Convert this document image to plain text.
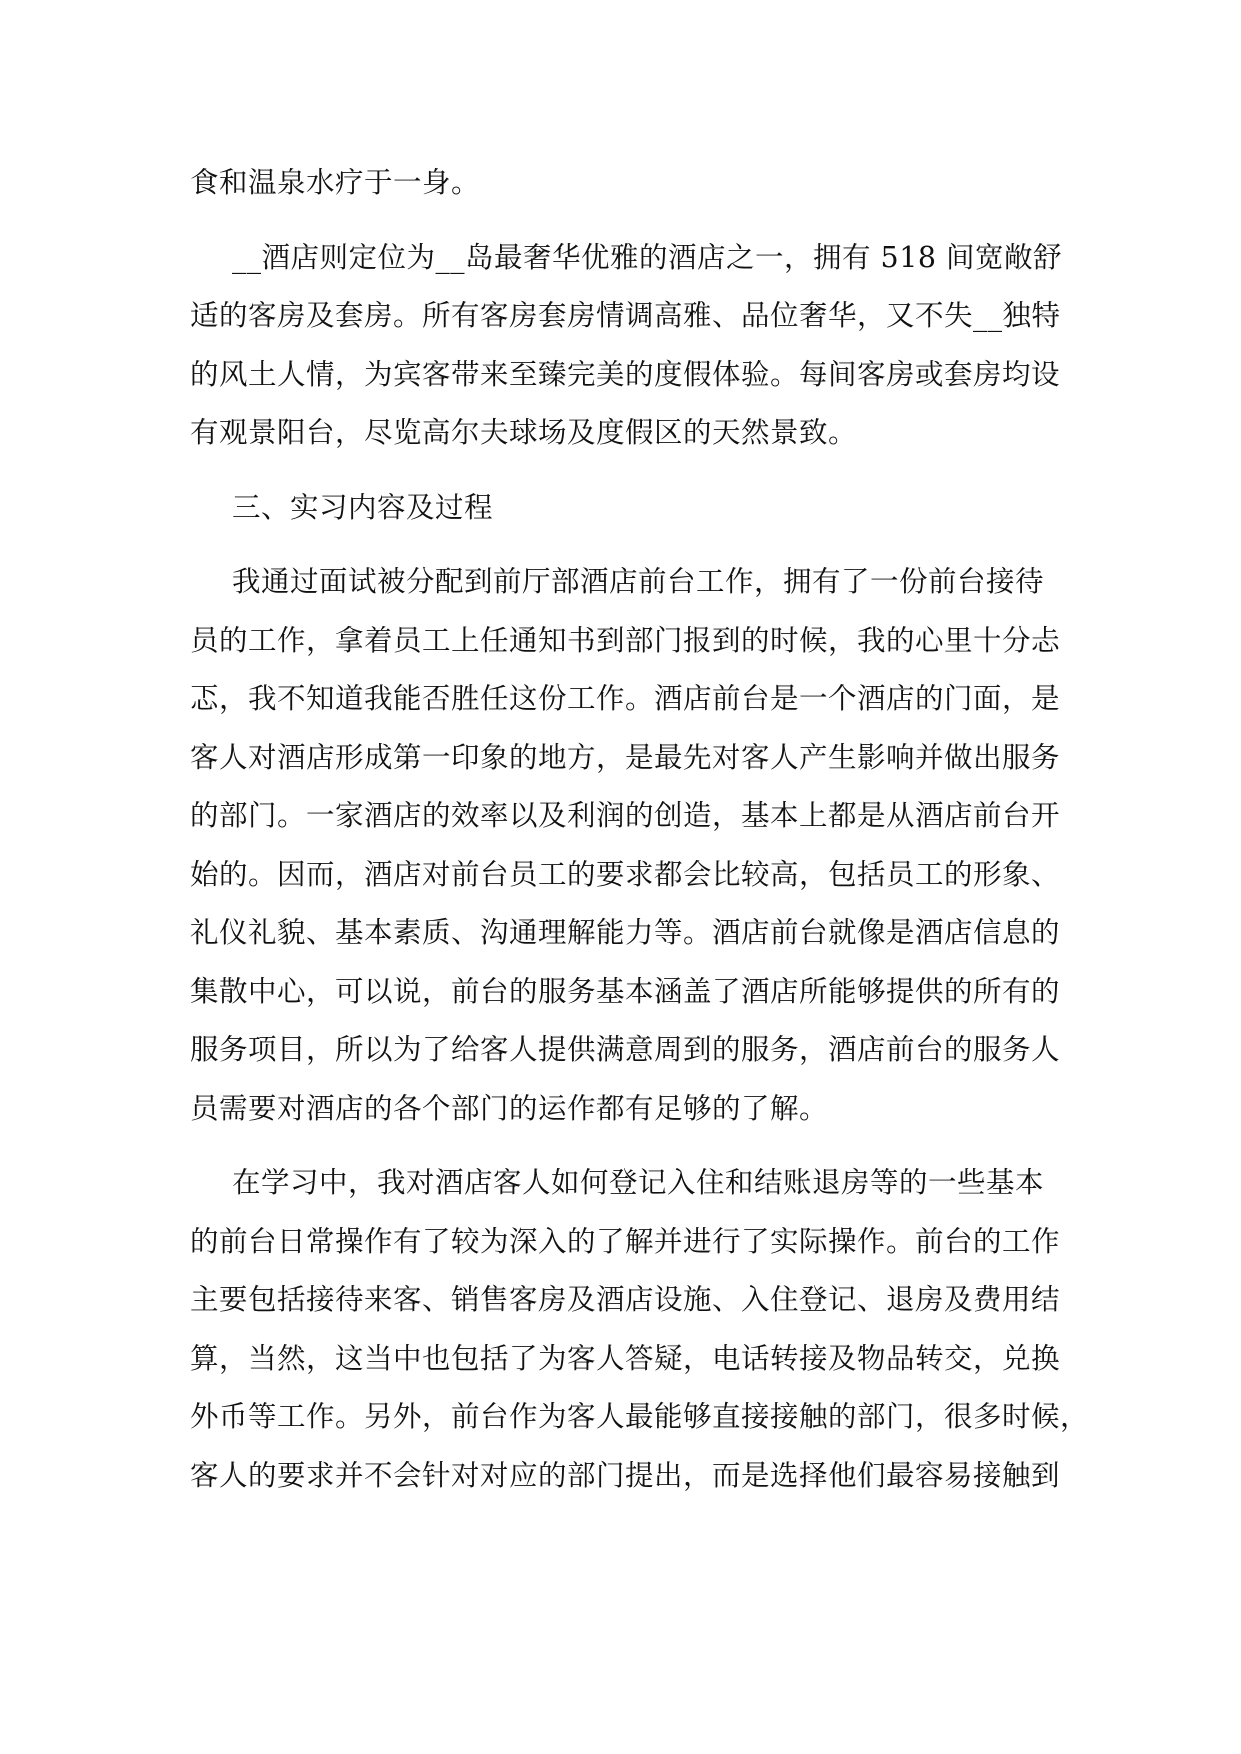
食和温泉水疗于一身。

__酒店则定位为__岛最奢华优雅的酒店之一，拥有 518 间宽敞舒
适的客房及套房。所有客房套房情调高雅、品位奢华，又不失__独特
的风土人情，为宾客带来至臻完美的度假体验。每间客房或套房均设
有观景阳台，尽览高尔夫球场及度假区的天然景致。

三、实习内容及过程

我通过面试被分配到前厅部酒店前台工作，拥有了一份前台接待
员的工作，拿着员工上任通知书到部门报到的时候，我的心里十分忐
忑，我不知道我能否胜任这份工作。酒店前台是一个酒店的门面，是
客人对酒店形成第一印象的地方，是最先对客人产生影响并做出服务
的部门。一家酒店的效率以及利润的创造，基本上都是从酒店前台开
始的。因而，酒店对前台员工的要求都会比较高，包括员工的形象、
礼仪礼貌、基本素质、沟通理解能力等。酒店前台就像是酒店信息的
集散中心，可以说，前台的服务基本涵盖了酒店所能够提供的所有的
服务项目，所以为了给客人提供满意周到的服务，酒店前台的服务人
员需要对酒店的各个部门的运作都有足够的了解。

在学习中，我对酒店客人如何登记入住和结账退房等的一些基本
的前台日常操作有了较为深入的了解并进行了实际操作。前台的工作
主要包括接待来客、销售客房及酒店设施、入住登记、退房及费用结
算，当然，这当中也包括了为客人答疑，电话转接及物品转交，兑换
外币等工作。另外，前台作为客人最能够直接接触的部门，很多时候，
客人的要求并不会针对对应的部门提出，而是选择他们最容易接触到
